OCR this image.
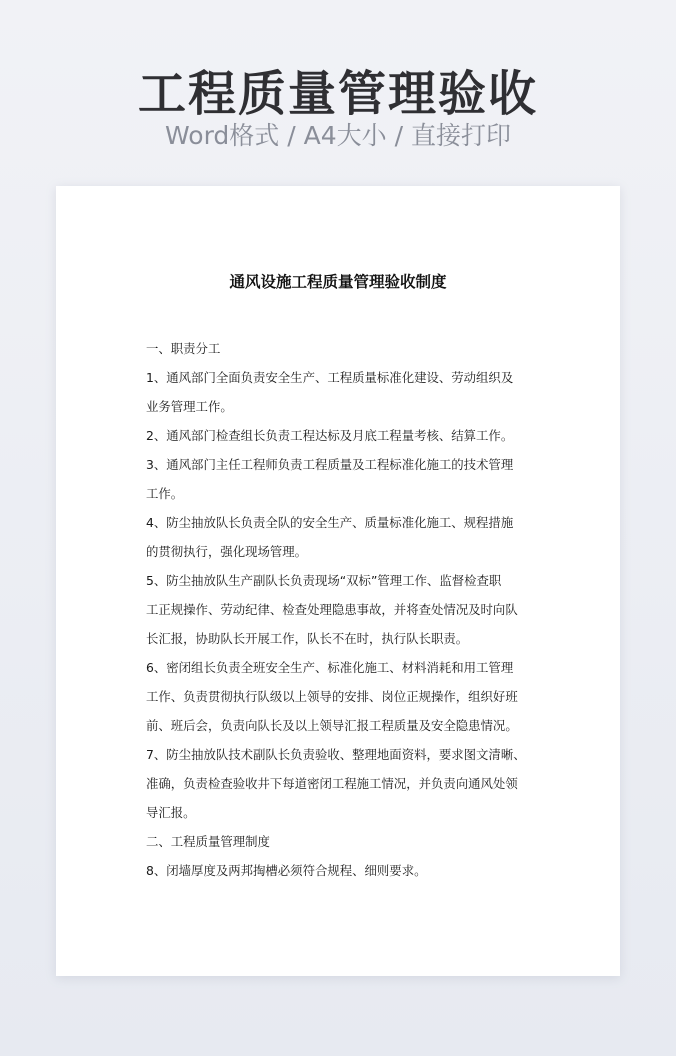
工程质量管理验收
Word格式 / A4大小 / 直接打印
通风设施工程质量管理验收制度
一、职责分工
1、通风部门全面负责安全生产、工程质量标准化建设、劳动组织及
业务管理工作。
2、通风部门检查组长负责工程达标及月底工程量考核、结算工作。
3、通风部门主任工程师负责工程质量及工程标准化施工的技术管理
工作。
4、防尘抽放队长负责全队的安全生产、质量标准化施工、规程措施
的贯彻执行，强化现场管理。
5、防尘抽放队生产副队长负责现场“双标”管理工作、监督检查职
工正规操作、劳动纪律、检查处理隐患事故，并将查处情况及时向队
长汇报，协助队长开展工作，队长不在时，执行队长职责。
6、密闭组长负责全班安全生产、标准化施工、材料消耗和用工管理
工作、负责贯彻执行队级以上领导的安排、岗位正规操作，组织好班
前、班后会，负责向队长及以上领导汇报工程质量及安全隐患情况。
7、防尘抽放队技术副队长负责验收、整理地面资料，要求图文清晰、
准确，负责检查验收井下每道密闭工程施工情况，并负责向通风处领
导汇报。
二、工程质量管理制度
8、闭墙厚度及两邦掏槽必须符合规程、细则要求。
